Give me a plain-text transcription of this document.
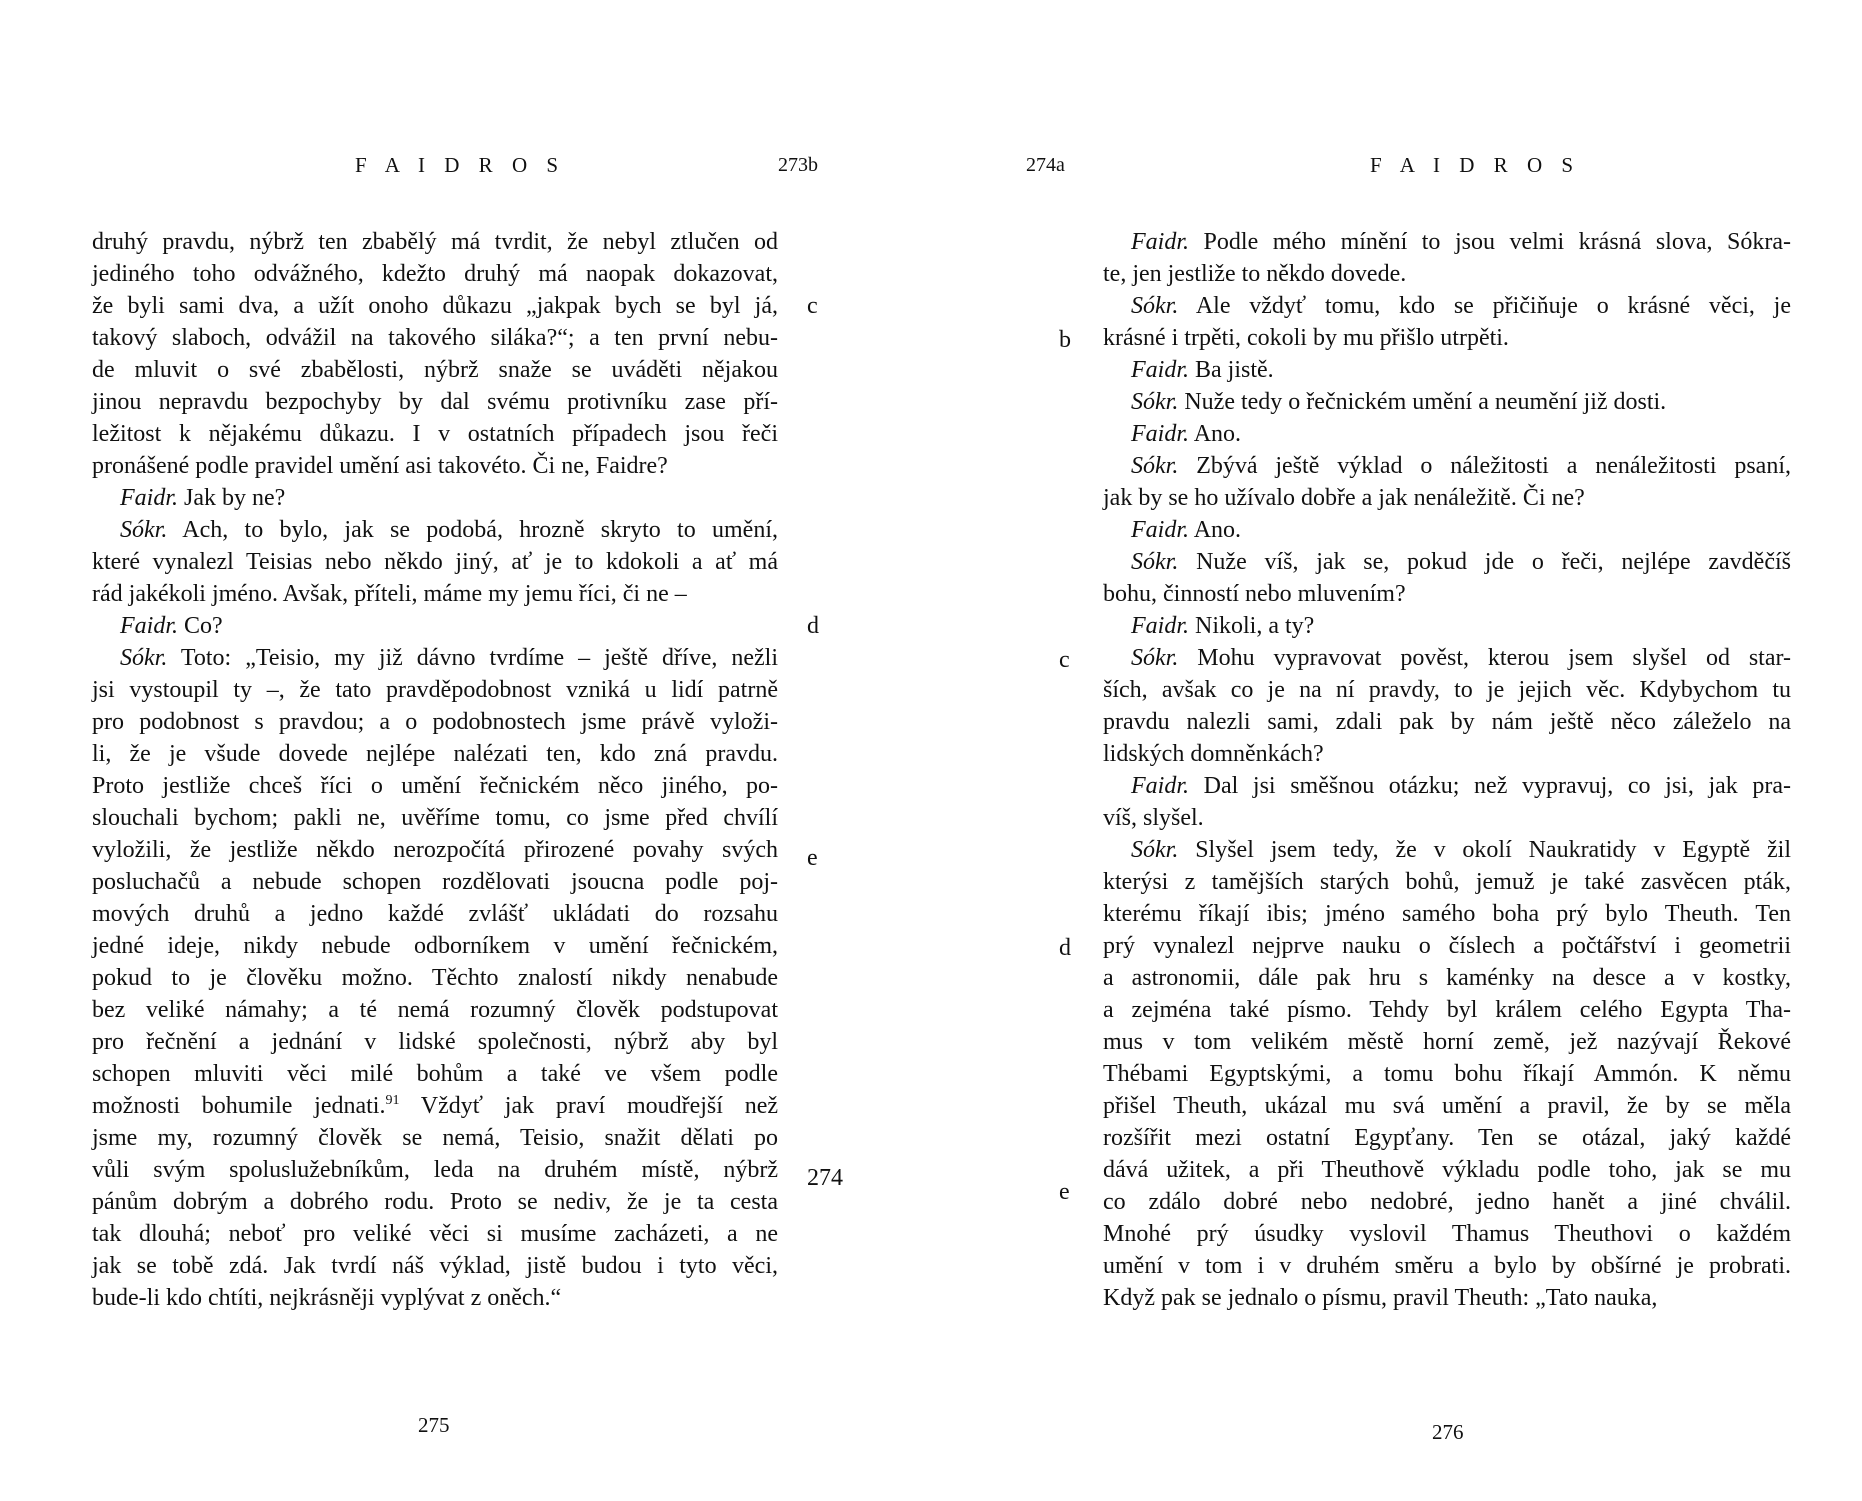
F A I D R O S	273b
druhý pravdu, nýbrž ten zbabělý má tvrdit, že nebyl ztlučen od
jediného toho odvážného, kdežto druhý má naopak dokazovat,
že byli sami dva, a užít onoho důkazu „jakpak bych se byl já,
takový slaboch, odvážil na takového siláka?“; a ten první nebu-
de mluvit o své zbabělosti, nýbrž snaže se uváděti nějakou
jinou nepravdu bezpochyby by dal svému protivníku zase pří-
ležitost k nějakému důkazu. I v ostatních případech jsou řeči
pronášené podle pravidel umění asi takovéto. Či ne, Faidre?
Faidr. Jak by ne?
Sókr. Ach, to bylo, jak se podobá, hrozně skryto to umění,
které vynalezl Teisias nebo někdo jiný, ať je to kdokoli a ať má
rád jakékoli jméno. Avšak, příteli, máme my jemu říci, či ne –
Faidr. Co?
Sókr. Toto: „Teisio, my již dávno tvrdíme – ještě dříve, nežli
jsi vystoupil ty –, že tato pravděpodobnost vzniká u lidí patrně
pro podobnost s pravdou; a o podobnostech jsme právě vyloži-
li, že je všude dovede nejlépe nalézati ten, kdo zná pravdu.
Proto jestliže chceš říci o umění řečnickém něco jiného, po-
slouchali bychom; pakli ne, uvěříme tomu, co jsme před chvílí
vyložili, že jestliže někdo nerozpočítá přirozené povahy svých
posluchačů a nebude schopen rozdělovati jsoucna podle poj-
mových druhů a jedno každé zvlášť ukládati do rozsahu
jedné ideje, nikdy nebude odborníkem v umění řečnickém,
pokud to je člověku možno. Těchto znalostí nikdy nenabude
bez veliké námahy; a té nemá rozumný člověk podstupovat
pro řečnění a jednání v lidské společnosti, nýbrž aby byl
schopen mluviti věci milé bohům a také ve všem podle
možnosti bohumile jednati.$^{91}$ Vždyť jak praví moudřejší než
jsme my, rozumný člověk se nemá, Teisio, snažit dělati po
vůli svým spoluslužebníkům, leda na druhém místě, nýbrž
pánům dobrým a dobrého rodu. Proto se nediv, že je ta cesta
tak dlouhá; neboť pro veliké věci si musíme zacházeti, a ne
jak se tobě zdá. Jak tvrdí náš výklad, jistě budou i tyto věci,
bude-li kdo chtíti, nejkrásněji vyplývat z oněch.“
c
d
e
274
275
274a	F A I D R O S
Faidr. Podle mého mínění to jsou velmi krásná slova, Sókra-
te, jen jestliže to někdo dovede.
Sókr. Ale vždyť tomu, kdo se přičiňuje o krásné věci, je
krásné i trpěti, cokoli by mu přišlo utrpěti.
Faidr. Ba jistě.
Sókr. Nuže tedy o řečnickém umění a neumění již dosti.
Faidr. Ano.
Sókr. Zbývá ještě výklad o náležitosti a nenáležitosti psaní,
jak by se ho užívalo dobře a jak nenáležitě. Či ne?
Faidr. Ano.
Sókr. Nuže víš, jak se, pokud jde o řeči, nejlépe zavděčíš
bohu, činností nebo mluvením?
Faidr. Nikoli, a ty?
Sókr. Mohu vypravovat pověst, kterou jsem slyšel od star-
ších, avšak co je na ní pravdy, to je jejich věc. Kdybychom tu
pravdu nalezli sami, zdali pak by nám ještě něco záleželo na
lidských domněnkách?
Faidr. Dal jsi směšnou otázku; než vypravuj, co jsi, jak pra-
víš, slyšel.
Sókr. Slyšel jsem tedy, že v okolí Naukratidy v Egyptě žil
kterýsi z tamějších starých bohů, jemuž je také zasvěcen pták,
kterému říkají ibis; jméno samého boha prý bylo Theuth. Ten
prý vynalezl nejprve nauku o číslech a počtářství i geometrii
a astronomii, dále pak hru s kaménky na desce a v kostky,
a zejména také písmo. Tehdy byl králem celého Egypta Tha-
mus v tom velikém městě horní země, jež nazývají Řekové
Thébami Egyptskými, a tomu bohu říkají Ammón. K němu
přišel Theuth, ukázal mu svá umění a pravil, že by se měla
rozšířit mezi ostatní Egypťany. Ten se otázal, jaký každé
dává užitek, a při Theuthově výkladu podle toho, jak se mu
co zdálo dobré nebo nedobré, jedno hanět a jiné chválil.
Mnohé prý úsudky vyslovil Thamus Theuthovi o každém
umění v tom i v druhém směru a bylo by obšírné je probrati.
Když pak se jednalo o písmu, pravil Theuth: „Tato nauka,
b
c
d
e
276
